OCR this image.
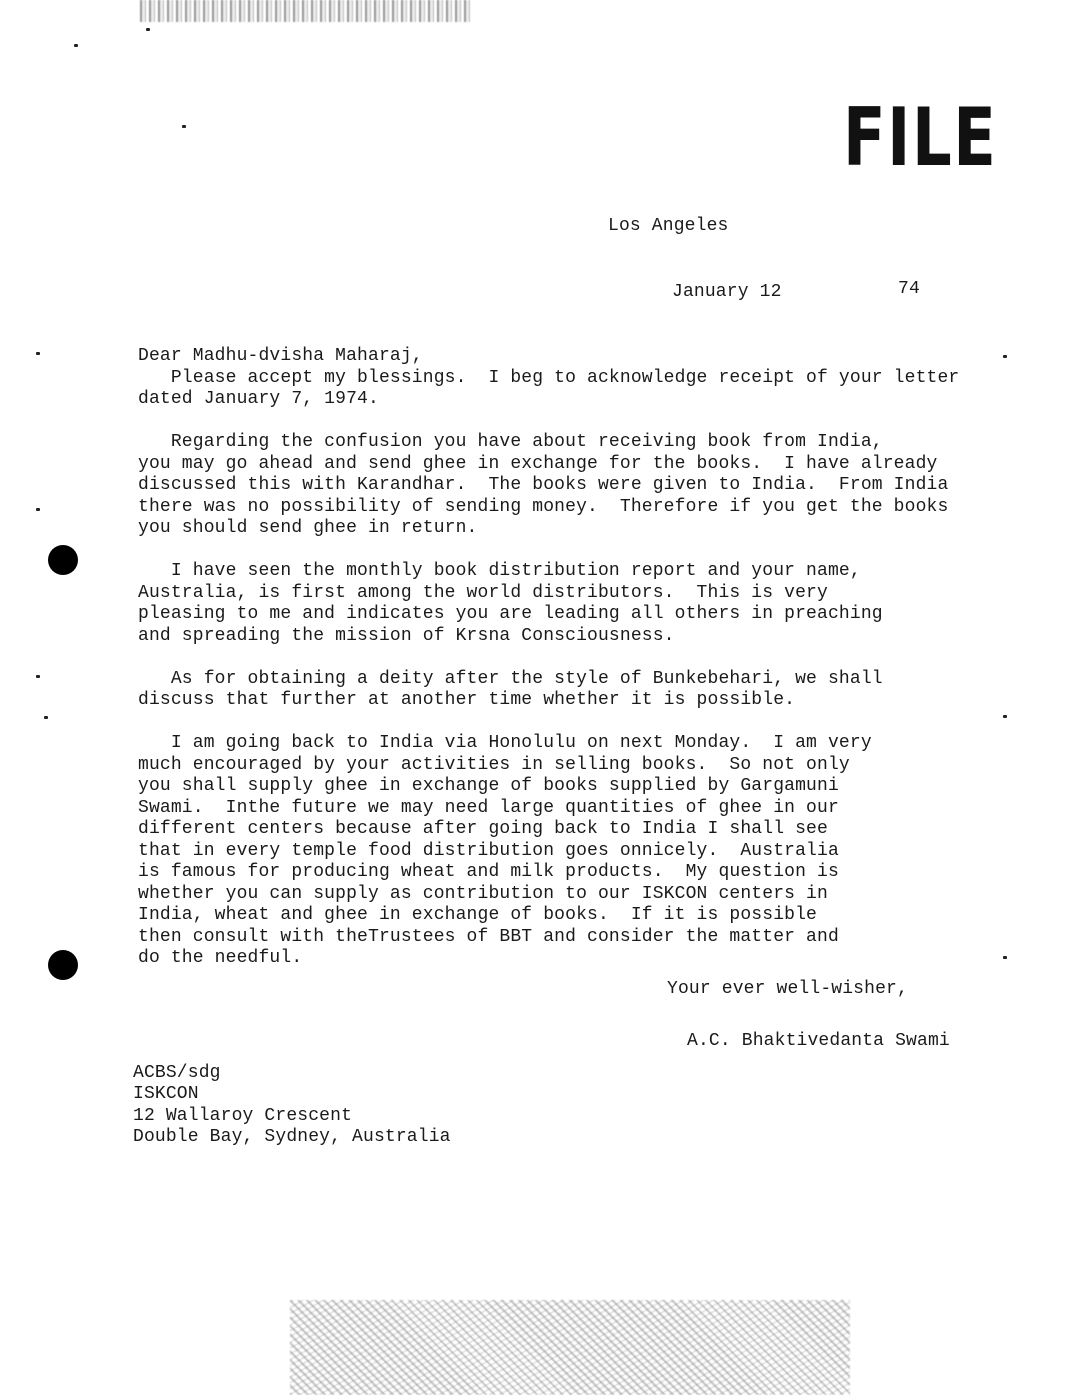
FILE
Los Angeles
January 12	74
Dear Madhu-dvisha Maharaj,
Please accept my blessings.  I beg to acknowledge receipt of your letter
dated January 7, 1974.
Regarding the confusion you have about receiving book from India,
you may go ahead and send ghee in exchange for the books.  I have already
discussed this with Karandhar.  The books were given to India.  From India
there was no possibility of sending money.  Therefore if you get the books
you should send ghee in return.
I have seen the monthly book distribution report and your name,
Australia, is first among the world distributors.  This is very
pleasing to me and indicates you are leading all others in preaching
and spreading the mission of Krsna Consciousness.
As for obtaining a deity after the style of Bunkebehari, we shall
discuss that further at another time whether it is possible.
I am going back to India via Honolulu on next Monday.  I am very
much encouraged by your activities in selling books.  So not only
you shall supply ghee in exchange of books supplied by Gargamuni
Swami.  Inthe future we may need large quantities of ghee in our
different centers because after going back to India I shall see
that in every temple food distribution goes onnicely.  Australia
is famous for producing wheat and milk products.  My question is
whether you can supply as contribution to our ISKCON centers in
India, wheat and ghee in exchange of books.  If it is possible
then consult with theTrustees of BBT and consider the matter and
do the needful.
Your ever well-wisher,
A.C. Bhaktivedanta Swami
ACBS/sdg
ISKCON
12 Wallaroy Crescent
Double Bay, Sydney, Australia
